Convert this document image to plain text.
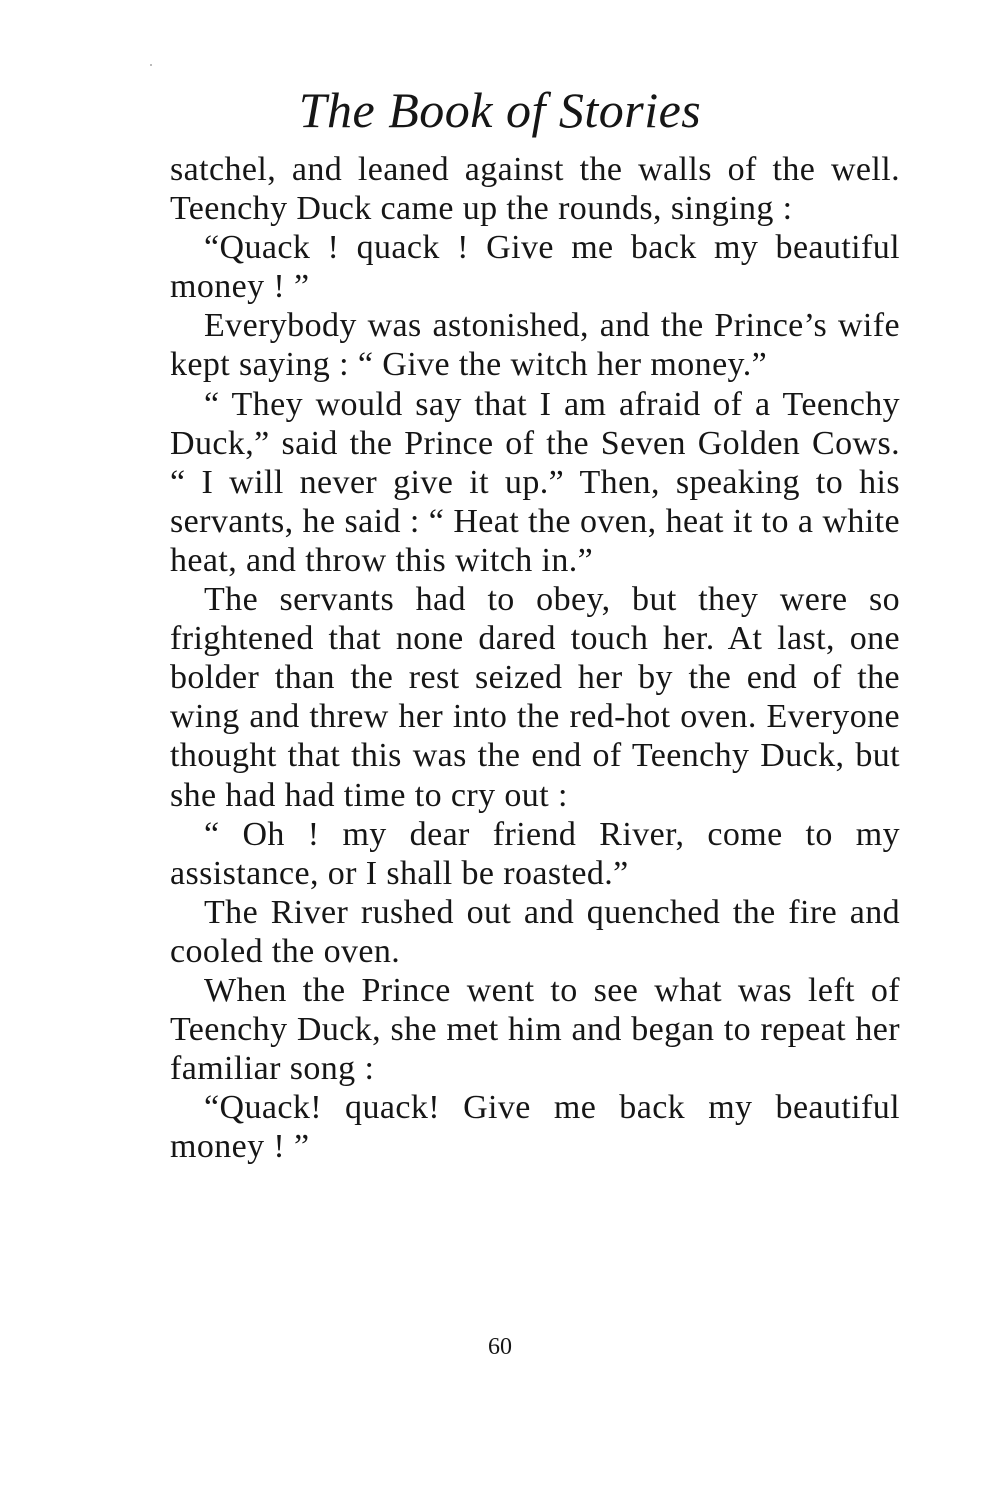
The Book of Stories

satchel, and leaned against the walls of the well. Teenchy Duck came up the rounds, singing :

“Quack ! quack ! Give me back my beautiful money ! ”

Everybody was astonished, and the Prince’s wife kept saying : “ Give the witch her money.”

“ They would say that I am afraid of a Teenchy Duck,” said the Prince of the Seven Golden Cows. “ I will never give it up.” Then, speaking to his servants, he said : “ Heat the oven, heat it to a white heat, and throw this witch in.”

The servants had to obey, but they were so frightened that none dared touch her. At last, one bolder than the rest seized her by the end of the wing and threw her into the red-hot oven. Everyone thought that this was the end of Teenchy Duck, but she had had time to cry out :

“ Oh ! my dear friend River, come to my assistance, or I shall be roasted.”

The River rushed out and quenched the fire and cooled the oven.

When the Prince went to see what was left of Teenchy Duck, she met him and began to repeat her familiar song :

“Quack! quack! Give me back my beautiful money ! ”

60
